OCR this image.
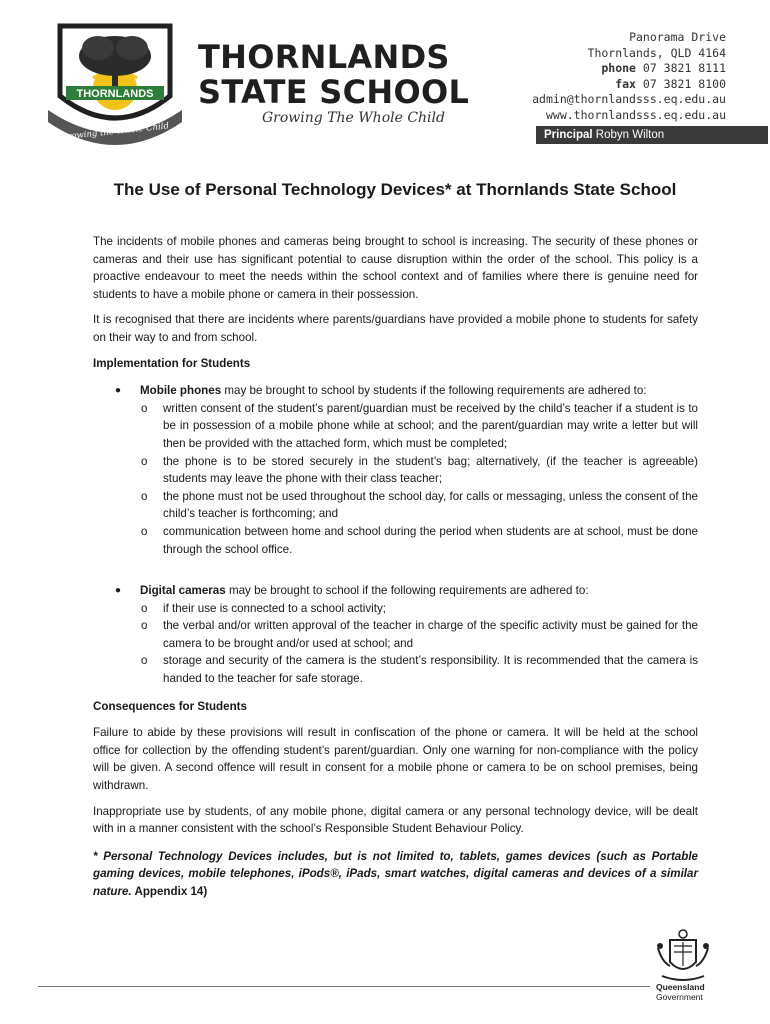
THORNLANDS
Growing the Whole Child
THORNLANDS
STATE SCHOOL
Growing The Whole Child
Panorama Drive
Thornlands, QLD 4164
phone 07 3821 8111
fax 07 3821 8100
admin@thornlandsss.eq.edu.au
www.thornlandsss.eq.edu.au
Principal Robyn Wilton
The Use of Personal Technology Devices* at Thornlands State School

The incidents of mobile phones and cameras being brought to school is increasing. The security of these phones or cameras and their use has significant potential to cause disruption within the order of the school. This policy is a proactive endeavour to meet the needs within the school context and of families where there is genuine need for students to have a mobile phone or camera in their possession.

It is recognised that there are incidents where parents/guardians have provided a mobile phone to students for safety on their way to and from school.

Implementation for Students
● Mobile phones may be brought to school by students if the following requirements are adhered to:
o written consent of the student’s parent/guardian must be received by the child’s teacher if a student is to be in possession of a mobile phone while at school; and the parent/guardian may write a letter but will then be provided with the attached form, which must be completed;
o the phone is to be stored securely in the student’s bag; alternatively, (if the teacher is agreeable) students may leave the phone with their class teacher;
o the phone must not be used throughout the school day, for calls or messaging, unless the consent of the child’s teacher is forthcoming; and
o communication between home and school during the period when students are at school, must be done through the school office.
● Digital cameras may be brought to school if the following requirements are adhered to:
o if their use is connected to a school activity;
o the verbal and/or written approval of the teacher in charge of the specific activity must be gained for the camera to be brought and/or used at school; and
o storage and security of the camera is the student’s responsibility. It is recommended that the camera is handed to the teacher for safe storage.
Consequences for Students

Failure to abide by these provisions will result in confiscation of the phone or camera. It will be held at the school office for collection by the offending student’s parent/guardian. Only one warning for non-compliance with the policy will be given. A second offence will result in consent for a mobile phone or camera to be on school premises, being withdrawn.

Inappropriate use by students, of any mobile phone, digital camera or any personal technology device, will be dealt with in a manner consistent with the school’s Responsible Student Behaviour Policy.

* Personal Technology Devices includes, but is not limited to, tablets, games devices (such as Portable gaming devices, mobile telephones, iPods®, iPads, smart watches, digital cameras and devices of a similar nature. Appendix 14)
Queensland
Government
